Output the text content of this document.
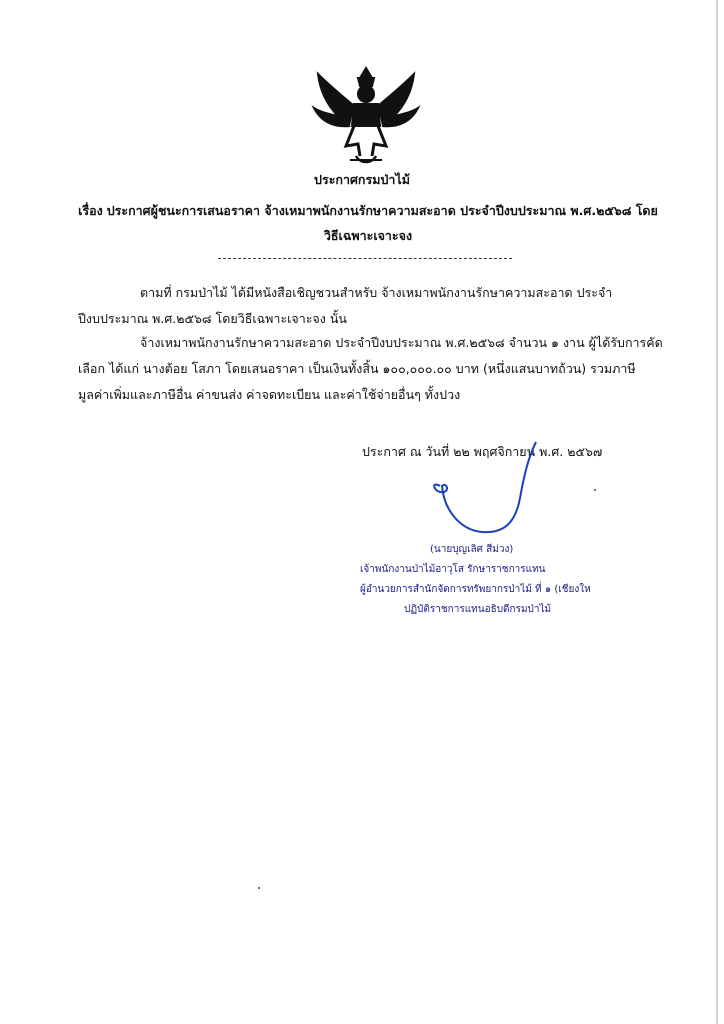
ประกาศกรมป่าไม้
เรื่อง ประกาศผู้ชนะการเสนอราคา จ้างเหมาพนักงานรักษาความสะอาด ประจำปีงบประมาณ พ.ศ.๒๕๖๘ โดยวิธีเฉพาะเจาะจง
ตามที่ กรมป่าไม้ ได้มีหนังสือเชิญชวนสำหรับ จ้างเหมาพนักงานรักษาความสะอาด ประจำปีงบประมาณ พ.ศ.๒๕๖๘ โดยวิธีเฉพาะเจาะจง นั้น
จ้างเหมาพนักงานรักษาความสะอาด ประจำปีงบประมาณ พ.ศ.๒๕๖๘ จำนวน ๑ งาน ผู้ได้รับการคัดเลือก ได้แก่ นางต้อย โสภา โดยเสนอราคา เป็นเงินทั้งสิ้น ๑๐๐,๐๐๐.๐๐ บาท (หนึ่งแสนบาทถ้วน) รวมภาษีมูลค่าเพิ่มและภาษีอื่น ค่าขนส่ง ค่าจดทะเบียน และค่าใช้จ่ายอื่นๆ ทั้งปวง
ประกาศ ณ วันที่ ๒๒ พฤศจิกายน พ.ศ. ๒๕๖๗
(นายบุญเลิศ สีม่วง)
เจ้าพนักงานป่าไม้อาวุโส รักษาราชการแทน
ผู้อำนวยการสำนักจัดการทรัพยากรป่าไม้ ที่ ๑ (เชียงให
ปฏิบัติราชการแทนอธิบดีกรมป่าไม้
